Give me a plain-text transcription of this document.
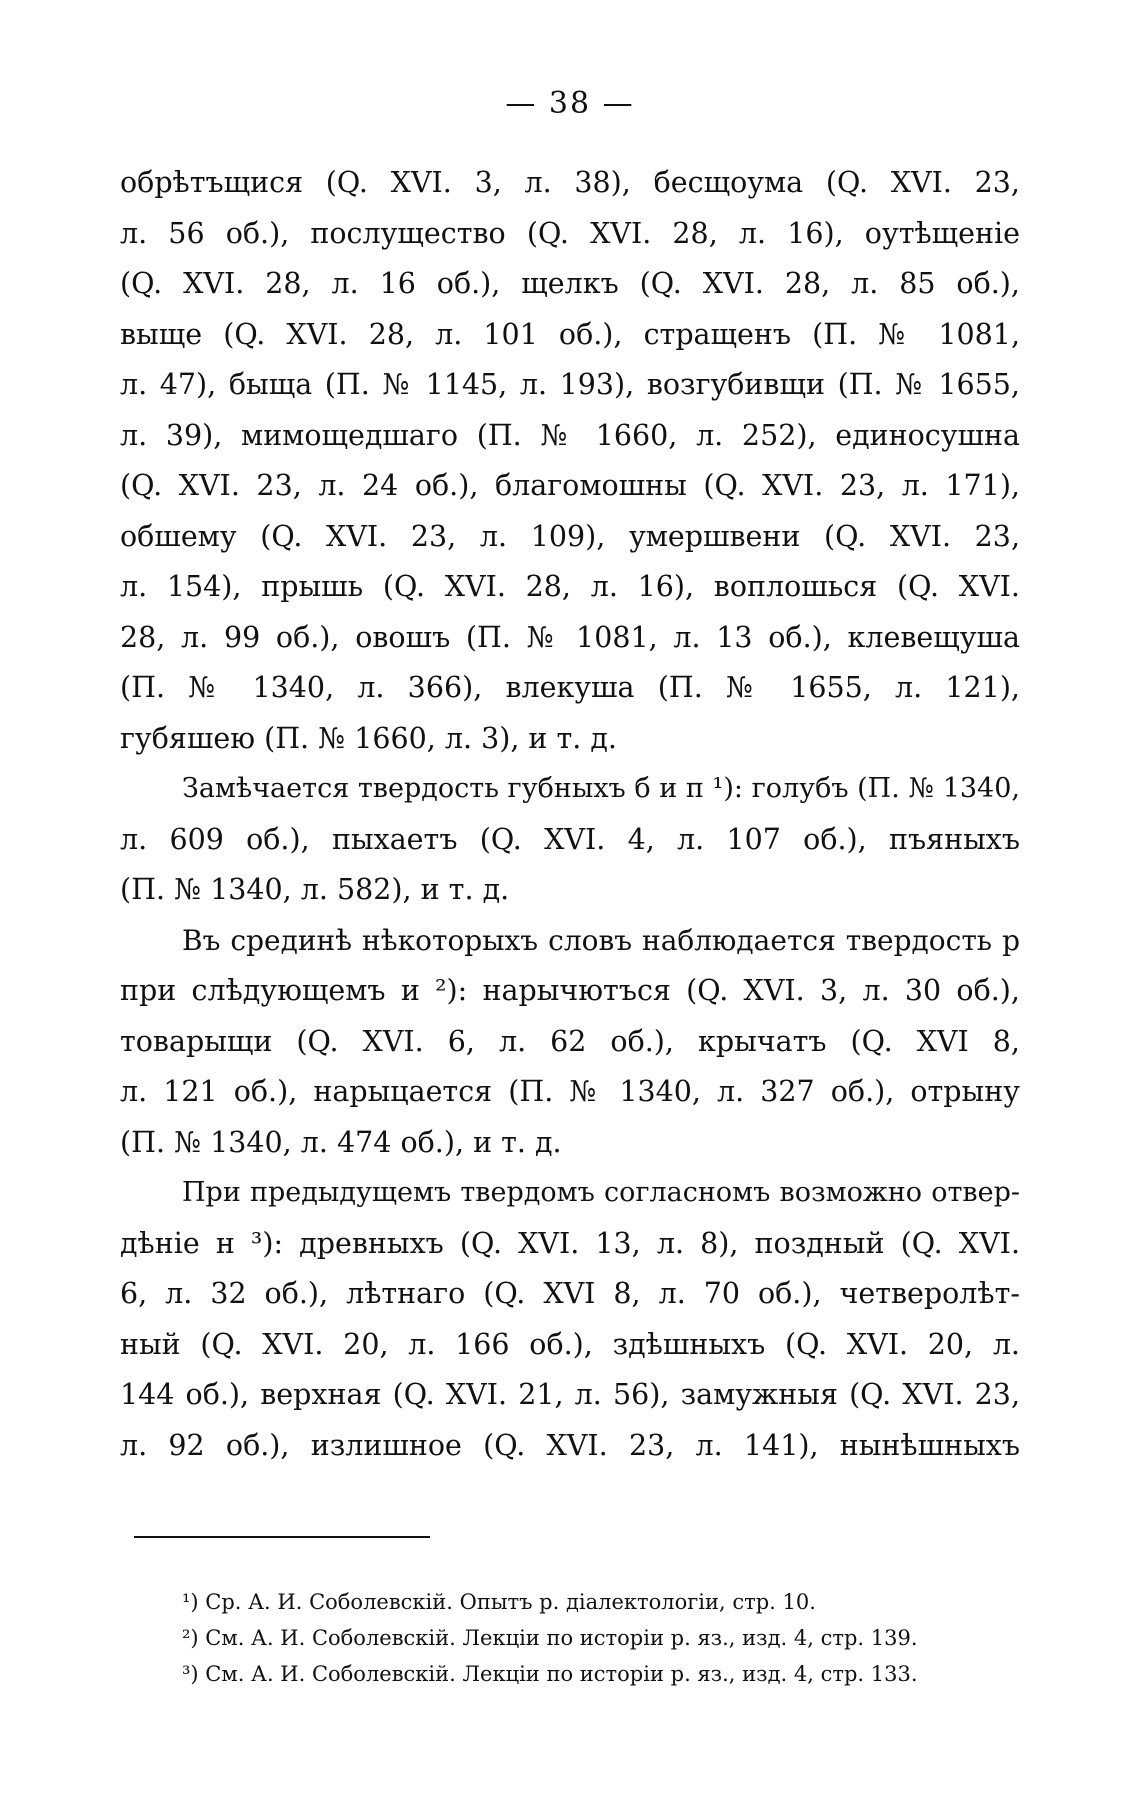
— 38 —
обрѣтъщися (Q. XVI. 3, л. 38), бесщоума (Q. XVI. 23,
л. 56 об.), послущество (Q. XVI. 28, л. 16), оутѣщеніе
(Q. XVI. 28, л. 16 об.), щелкъ (Q. XVI. 28, л. 85 об.),
выще (Q. XVI. 28, л. 101 об.), стращенъ (П. № 1081,
л. 47), быща (П. № 1145, л. 193), возгубивщи (П. № 1655,
л. 39), мимощедшаго (П. № 1660, л. 252), единосушна
(Q. XVI. 23, л. 24 об.), благомошны (Q. XVI. 23, л. 171),
обшему (Q. XVI. 23, л. 109), умершвени (Q. XVI. 23,
л. 154), прышь (Q. XVI. 28, л. 16), воплошься (Q. XVI.
28, л. 99 об.), овошъ (П. № 1081, л. 13 об.), клевещуша
(П. № 1340, л. 366), влекуша (П. № 1655, л. 121),
губяшею (П. № 1660, л. 3), и т. д.
Замѣчается твердость губныхъ б и п ¹): голубъ (П. № 1340,
л. 609 об.), пыхаетъ (Q. XVI. 4, л. 107 об.), пъяныхъ
(П. № 1340, л. 582), и т. д.
Въ срединѣ нѣкоторыхъ словъ наблюдается твердость р
при слѣдующемъ и ²): нарычютъся (Q. XVI. 3, л. 30 об.),
товарыщи (Q. XVI. 6, л. 62 об.), крычатъ (Q. XVI 8,
л. 121 об.), нарыцается (П. № 1340, л. 327 об.), отрыну
(П. № 1340, л. 474 об.), и т. д.
При предыдущемъ твердомъ согласномъ возможно отвер-
дѣніе н ³): древныхъ (Q. XVI. 13, л. 8), поздный (Q. XVI.
6, л. 32 об.), лѣтнаго (Q. XVI 8, л. 70 об.), четверолѣт-
ный (Q. XVI. 20, л. 166 об.), здѣшныхъ (Q. XVI. 20, л.
144 об.), верхная (Q. XVI. 21, л. 56), замужныя (Q. XVI. 23,
л. 92 об.), излишное (Q. XVI. 23, л. 141), нынѣшныхъ
¹) Ср. А. И. Соболевскій. Опытъ р. діалектологіи, стр. 10.
²) См. А. И. Соболевскій. Лекціи по исторіи р. яз., изд. 4, стр. 139.
³) См. А. И. Соболевскій. Лекціи по исторіи р. яз., изд. 4, стр. 133.
